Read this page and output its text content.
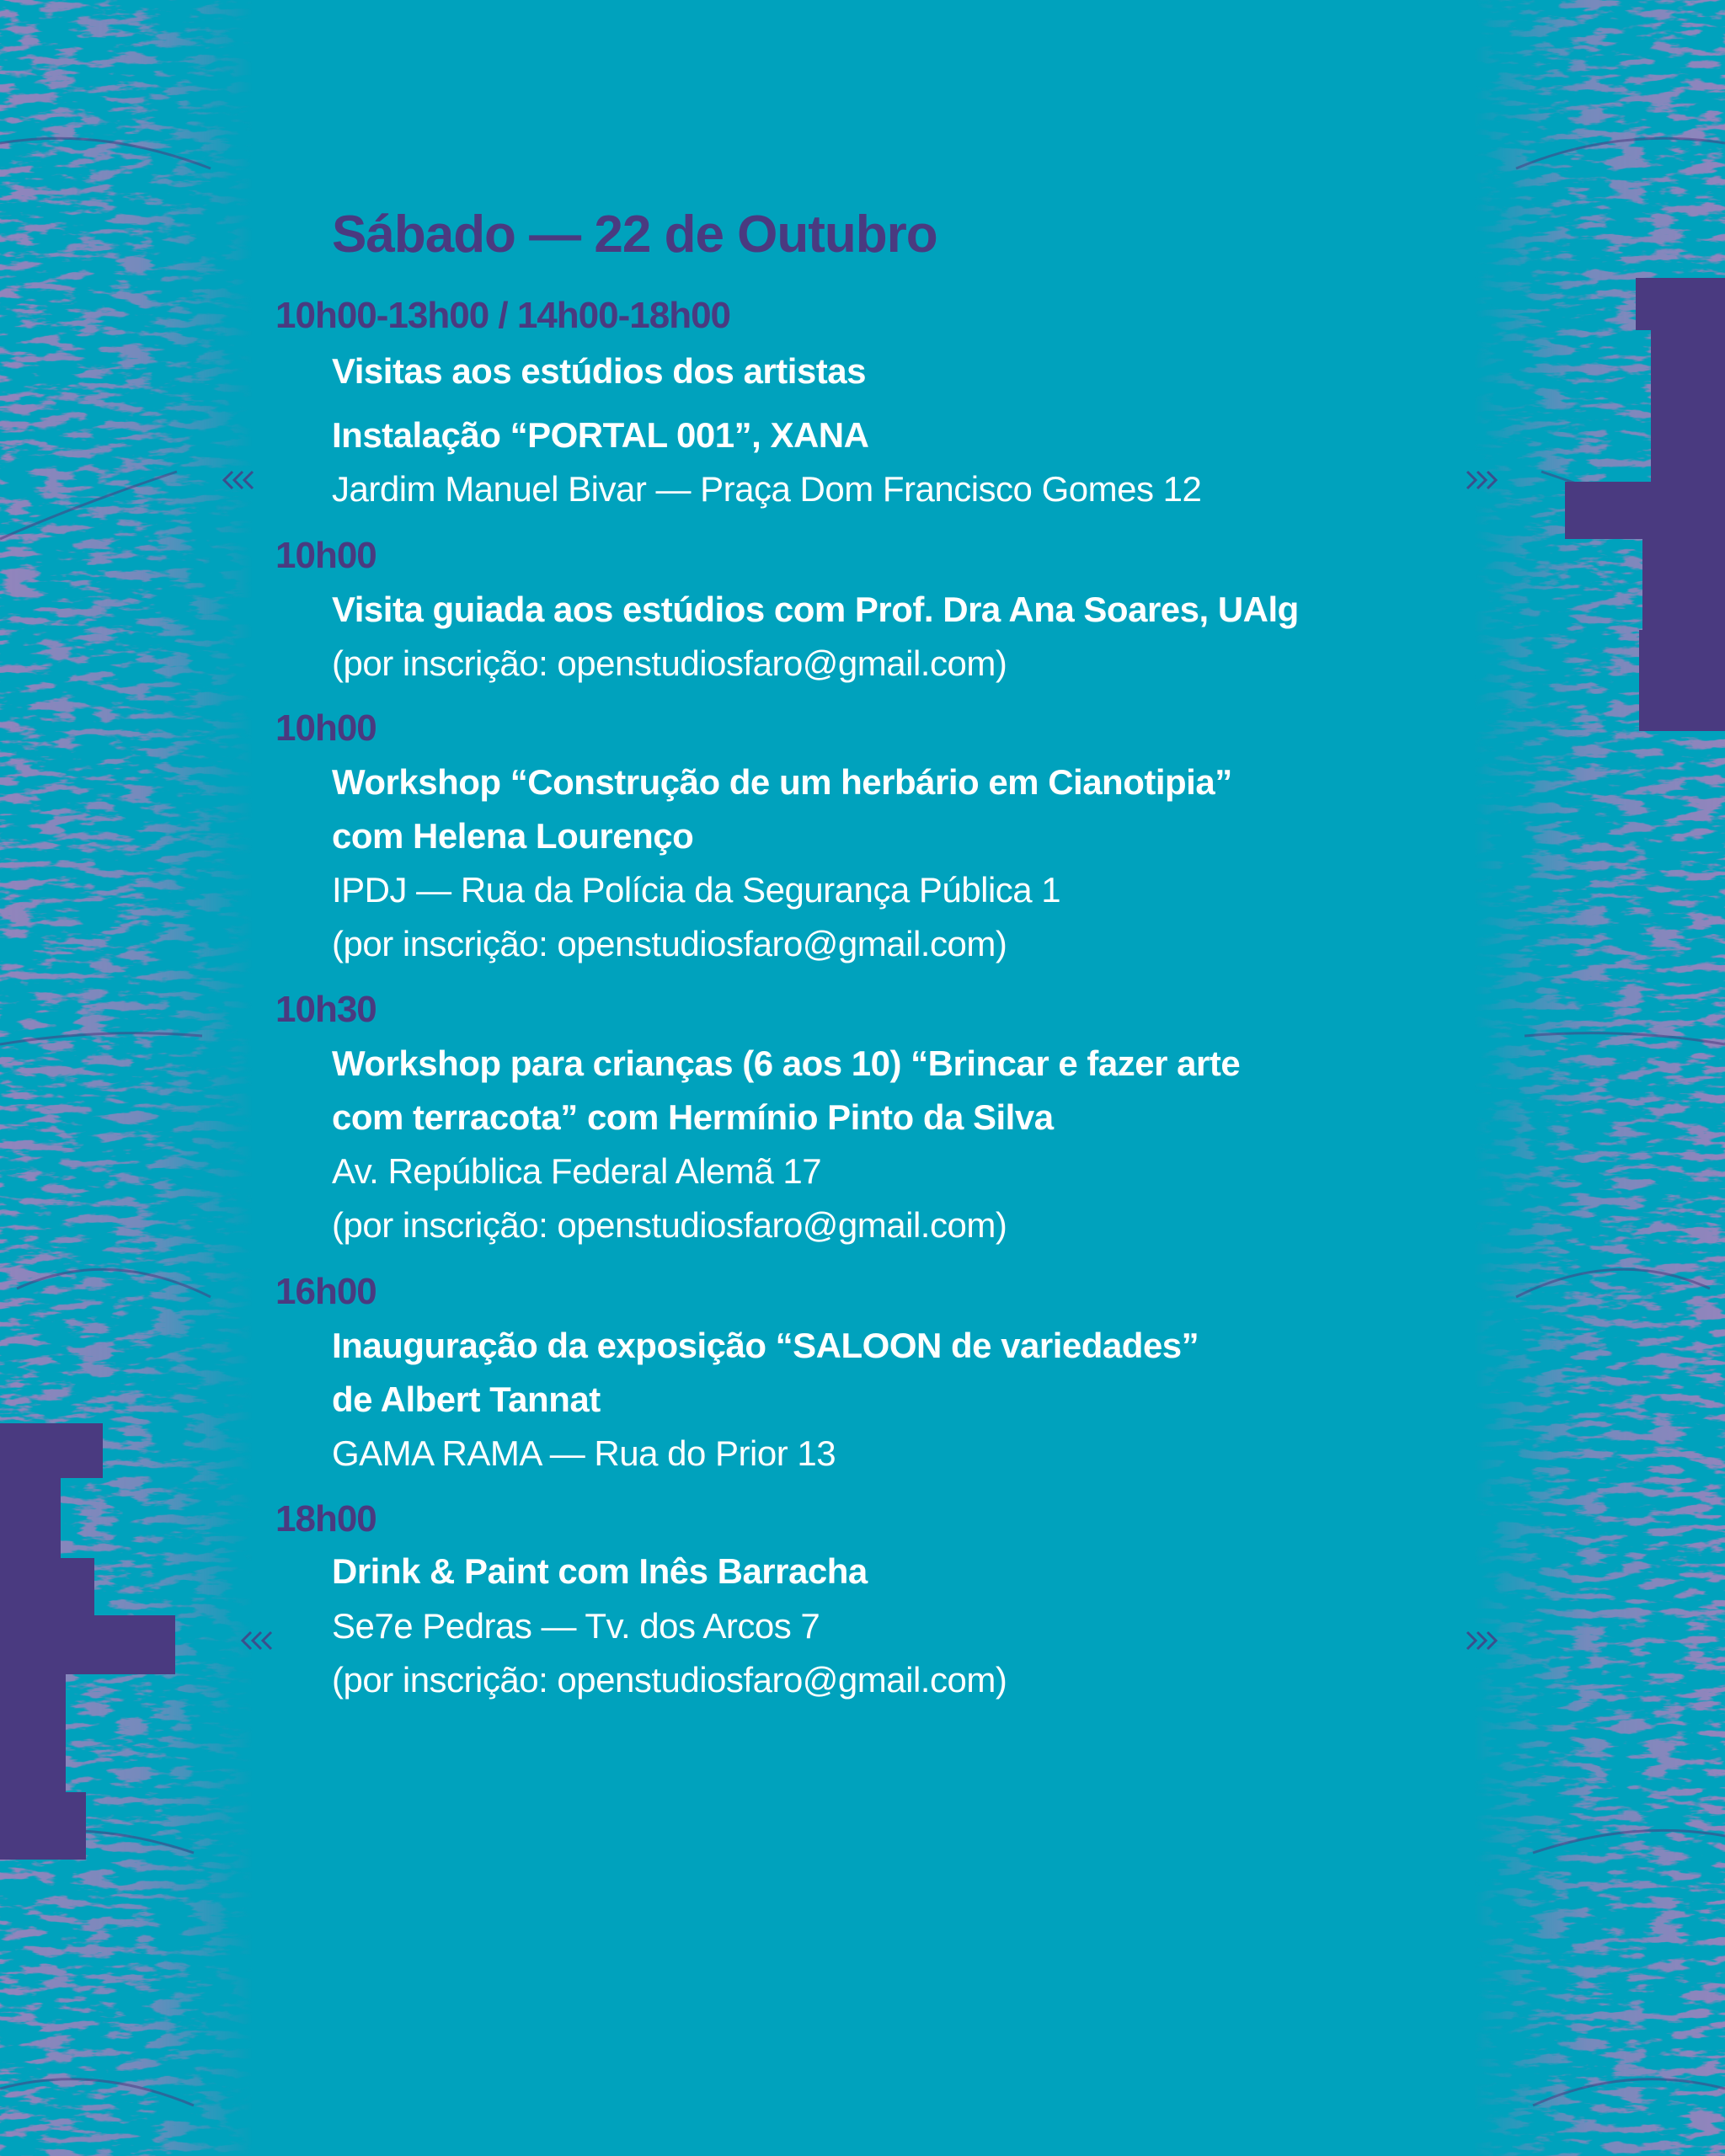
Sábado — 22 de Outubro
10h00-13h00 / 14h00-18h00
Visitas aos estúdios dos artistas
Instalação “PORTAL 001”, XANA
Jardim Manuel Bivar — Praça Dom Francisco Gomes 12
10h00
Visita guiada aos estúdios com Prof. Dra Ana Soares, UAlg
(por inscrição: openstudiosfaro@gmail.com)
10h00
Workshop “Construção de um herbário em Cianotipia”
com Helena Lourenço
IPDJ — Rua da Polícia da Segurança Pública 1
(por inscrição: openstudiosfaro@gmail.com)
10h30
Workshop para crianças (6 aos 10) “Brincar e fazer arte
com terracota” com Hermínio Pinto da Silva
Av. República Federal Alemã 17
(por inscrição: openstudiosfaro@gmail.com)
16h00
Inauguração da exposição “SALOON de variedades”
de Albert Tannat
GAMA RAMA — Rua do Prior 13
18h00
Drink & Paint com Inês Barracha
Se7e Pedras — Tv. dos Arcos 7
(por inscrição: openstudiosfaro@gmail.com)
